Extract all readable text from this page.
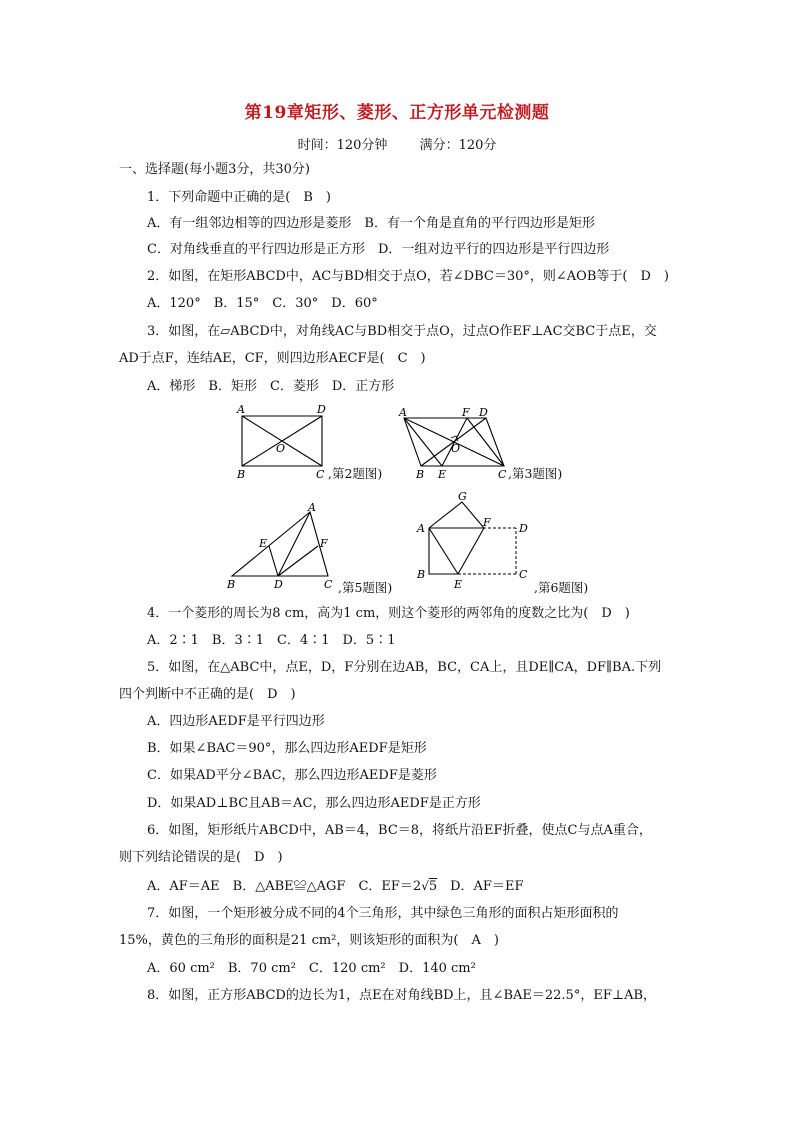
第19章矩形、菱形、正方形单元检测题
时间：120分钟 满分：120分
一、选择题(每小题3分，共30分)
1．下列命题中正确的是(　B　)
A．有一组邻边相等的四边形是菱形　B．有一个角是直角的平行四边形是矩形
C．对角线垂直的平行四边形是正方形　D．一组对边平行的四边形是平行四边形
2．如图，在矩形ABCD中，AC与BD相交于点O，若∠DBC＝30°，则∠AOB等于(　D　)
A．120°　B．15°　C．30°　D．60°
3．如图，在▱ABCD中，对角线AC与BD相交于点O，过点O作EF⊥AC交BC于点E，交
AD于点F，连结AE，CF，则四边形AECF是(　C　)
A．梯形　B．矩形　C．菱形　D．正方形
A	D
O
B	C ,第2题图)
A	F D
O
B E	C ,第3题图)
A
E	F
B	D	C ,第5题图)
G
A	F	D
B
E
C
,第6题图)
4．一个菱形的周长为8 cm，高为1 cm，则这个菱形的两邻角的度数之比为(　D　)
A．2∶1　B．3∶1　C．4∶1　D．5∶1
5．如图，在△ABC中，点E，D，F分别在边AB，BC，CA上，且DE∥CA，DF∥BA.下列
四个判断中不正确的是(　D　)
A．四边形AEDF是平行四边形
B．如果∠BAC＝90°，那么四边形AEDF是矩形
C．如果AD平分∠BAC，那么四边形AEDF是菱形
D．如果AD⊥BC且AB＝AC，那么四边形AEDF是正方形
6．如图，矩形纸片ABCD中，AB＝4，BC＝8，将纸片沿EF折叠，使点C与点A重合，
则下列结论错误的是(　D　)
A．AF＝AE　B．△ABE≌△AGF　C．EF＝2√5　D．AF＝EF
7．如图，一个矩形被分成不同的4个三角形，其中绿色三角形的面积占矩形面积的
15%，黄色的三角形的面积是21 cm²，则该矩形的面积为(　A　)
A．60 cm²　B．70 cm²　C．120 cm²　D．140 cm²
8．如图，正方形ABCD的边长为1，点E在对角线BD上，且∠BAE＝22.5°，EF⊥AB，
